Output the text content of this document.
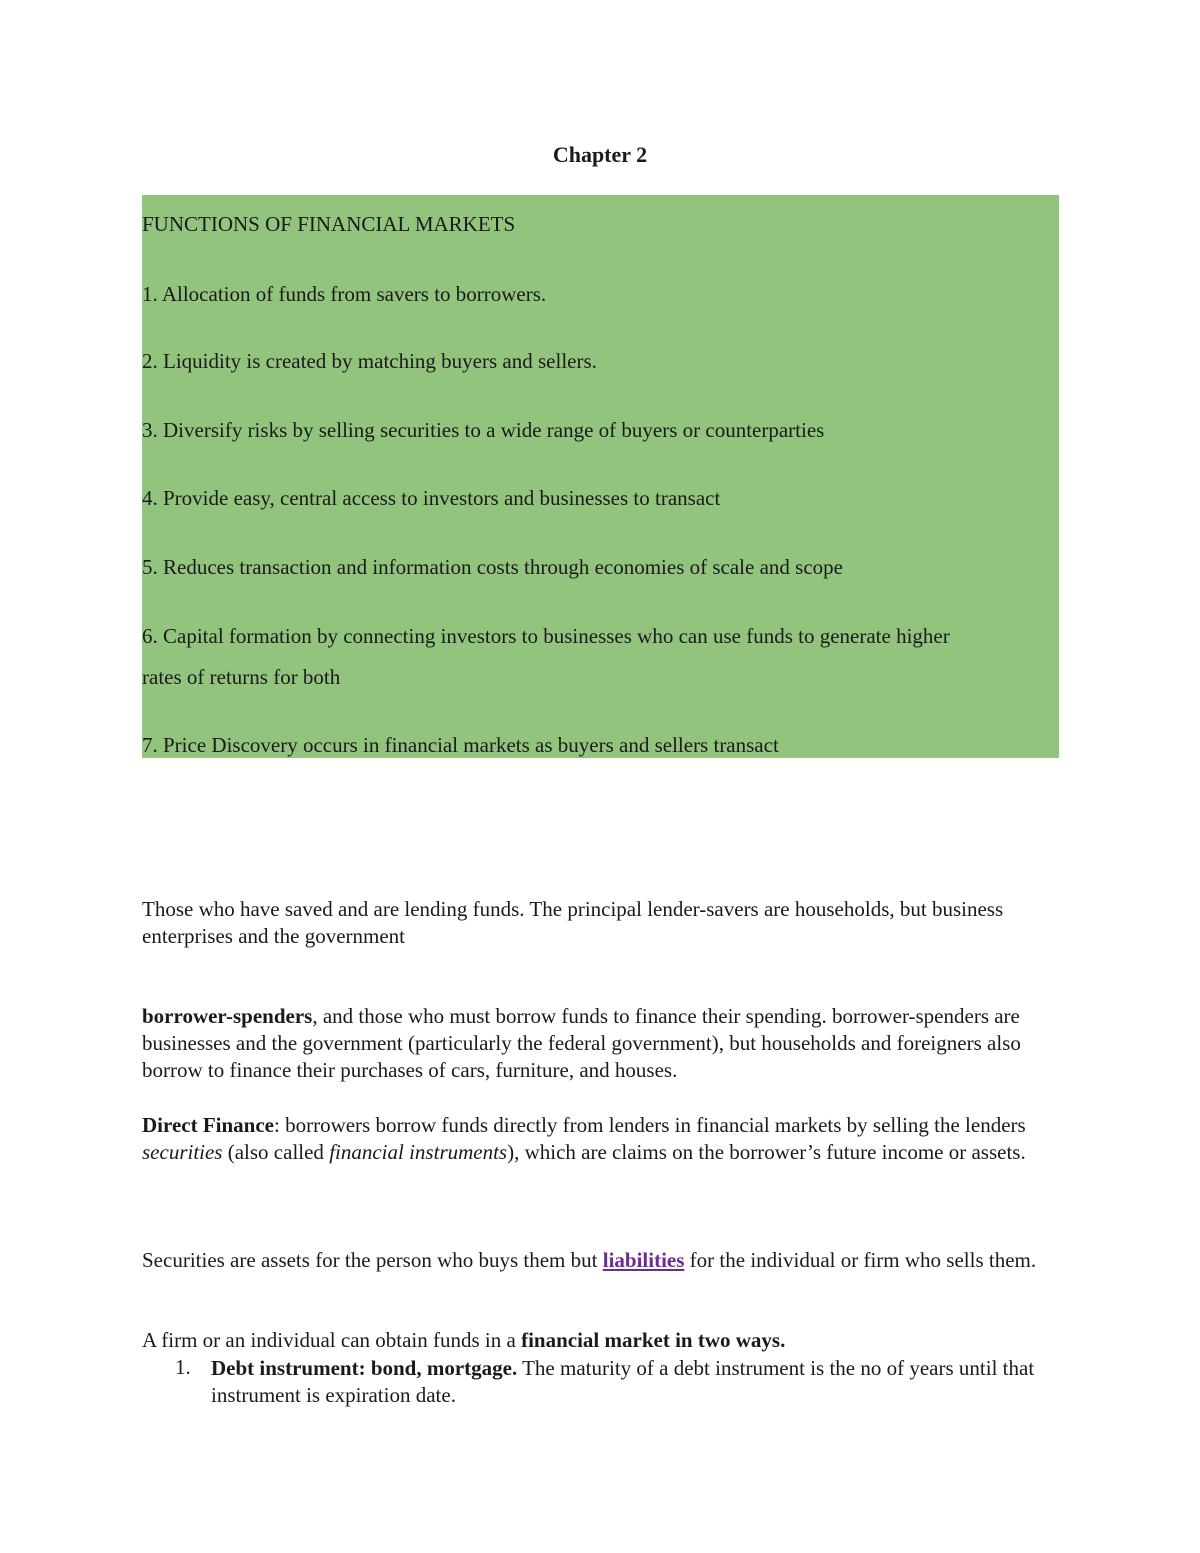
Chapter 2
FUNCTIONS OF FINANCIAL MARKETS
1. Allocation of funds from savers to borrowers.
2. Liquidity is created by matching buyers and sellers.
3. Diversify risks by selling securities to a wide range of buyers or counterparties
4. Provide easy, central access to investors and businesses to transact
5. Reduces transaction and information costs through economies of scale and scope
6. Capital formation by connecting investors to businesses who can use funds to generate higher
rates of returns for both
7. Price Discovery occurs in financial markets as buyers and sellers transact
Those who have saved and are lending funds. The principal lender-savers are households, but business enterprises and the government
borrower-spenders, and those who must borrow funds to finance their spending. borrower-spenders are businesses and the government (particularly the federal government), but households and foreigners also borrow to finance their purchases of cars, furniture, and houses.
Direct Finance: borrowers borrow funds directly from lenders in financial markets by selling the lenders securities (also called financial instruments), which are claims on the borrower’s future income or assets.
Securities are assets for the person who buys them but liabilities for the individual or firm who sells them.
A firm or an individual can obtain funds in a financial market in two ways.
1. Debt instrument: bond, mortgage. The maturity of a debt instrument is the no of years until that instrument is expiration date.
